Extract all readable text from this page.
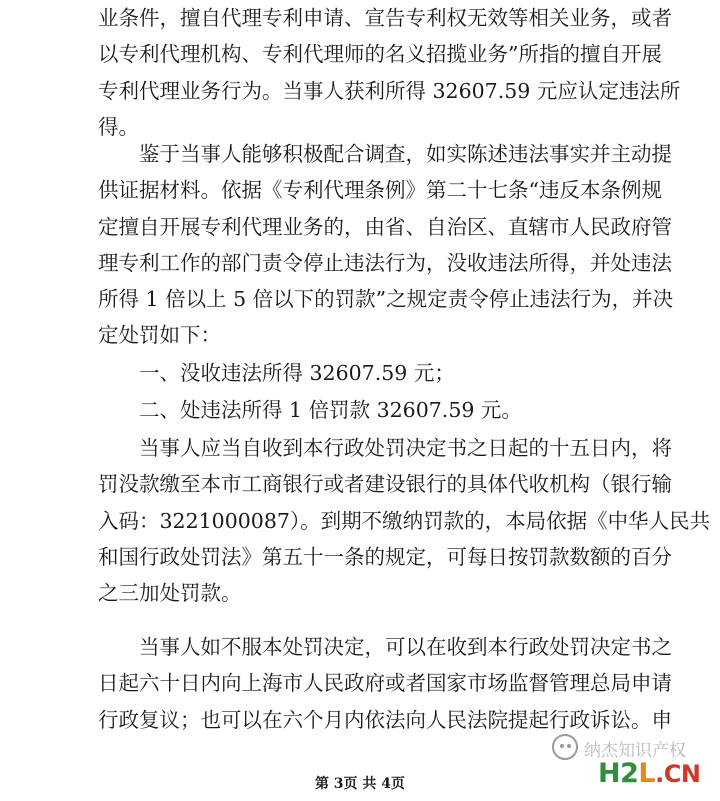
业条件，擅自代理专利申请、宣告专利权无效等相关业务，或者
以专利代理机构、专利代理师的名义招揽业务”所指的擅自开展
专利代理业务行为。当事人获利所得 32607.59 元应认定违法所
得。
　　鉴于当事人能够积极配合调查，如实陈述违法事实并主动提
供证据材料。依据《专利代理条例》第二十七条“违反本条例规
定擅自开展专利代理业务的，由省、自治区、直辖市人民政府管
理专利工作的部门责令停止违法行为，没收违法所得，并处违法
所得 1 倍以上 5 倍以下的罚款”之规定责令停止违法行为，并决
定处罚如下：
　　一、没收违法所得 32607.59 元；
　　二、处违法所得 1 倍罚款 32607.59 元。
　　当事人应当自收到本行政处罚决定书之日起的十五日内，将
罚没款缴至本市工商银行或者建设银行的具体代收机构（银行输
入码：3221000087）。到期不缴纳罚款的，本局依据《中华人民共
和国行政处罚法》第五十一条的规定，可每日按罚款数额的百分
之三加处罚款。
　　当事人如不服本处罚决定，可以在收到本行政处罚决定书之
日起六十日内向上海市人民政府或者国家市场监督管理总局申请
行政复议；也可以在六个月内依法向人民法院提起行政诉讼。申
第 3页 共 4页
纳杰知识产权
H2L.CN
